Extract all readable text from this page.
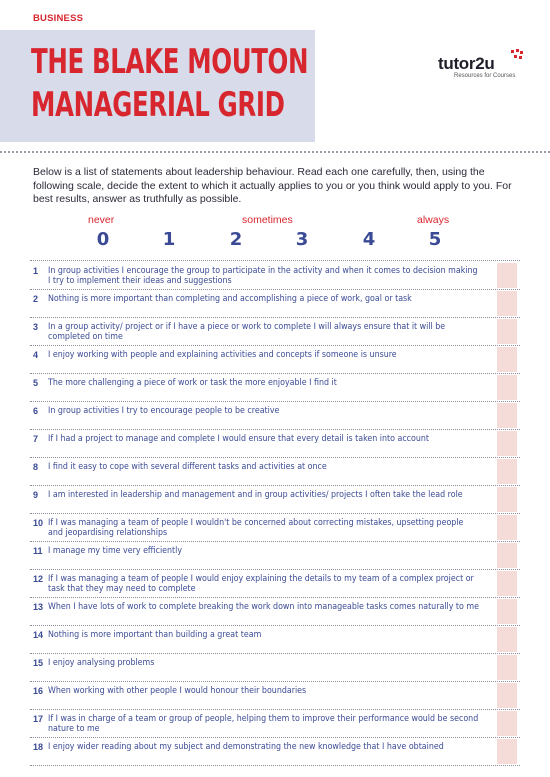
BUSINESS
THE BLAKE MOUTON
MANAGERIAL GRID
tutor2u
Resources for Courses
Below is a list of statements about leadership behaviour. Read each one carefully, then, using the following scale, decide the extent to which it actually applies to you or you think would apply to you. For best results, answer as truthfully as possible.
never	sometimes	always
0	1	2	3	4	5
1 In group activities I encourage the group to participate in the activity and when it comes to decision making I try to implement their ideas and suggestions
2 Nothing is more important than completing and accomplishing a piece of work, goal or task
3 In a group activity/ project or if I have a piece or work to complete I will always ensure that it will be completed on time
4 I enjoy working with people and explaining activities and concepts if someone is unsure
5 The more challenging a piece of work or task the more enjoyable I find it
6 In group activities I try to encourage people to be creative
7 If I had a project to manage and complete I would ensure that every detail is taken into account
8 I find it easy to cope with several different tasks and activities at once
9 I am interested in leadership and management and in group activities/ projects I often take the lead role
10 If I was managing a team of people I wouldn't be concerned about correcting mistakes, upsetting people and jeopardising relationships
11 I manage my time very efficiently
12 If I was managing a team of people I would enjoy explaining the details to my team of a complex project or task that they may need to complete
13 When I have lots of work to complete breaking the work down into manageable tasks comes naturally to me
14 Nothing is more important than building a great team
15 I enjoy analysing problems
16 When working with other people I would honour their boundaries
17 If I was in charge of a team or group of people, helping them to improve their performance would be second nature to me
18 I enjoy wider reading about my subject and demonstrating the new knowledge that I have obtained
